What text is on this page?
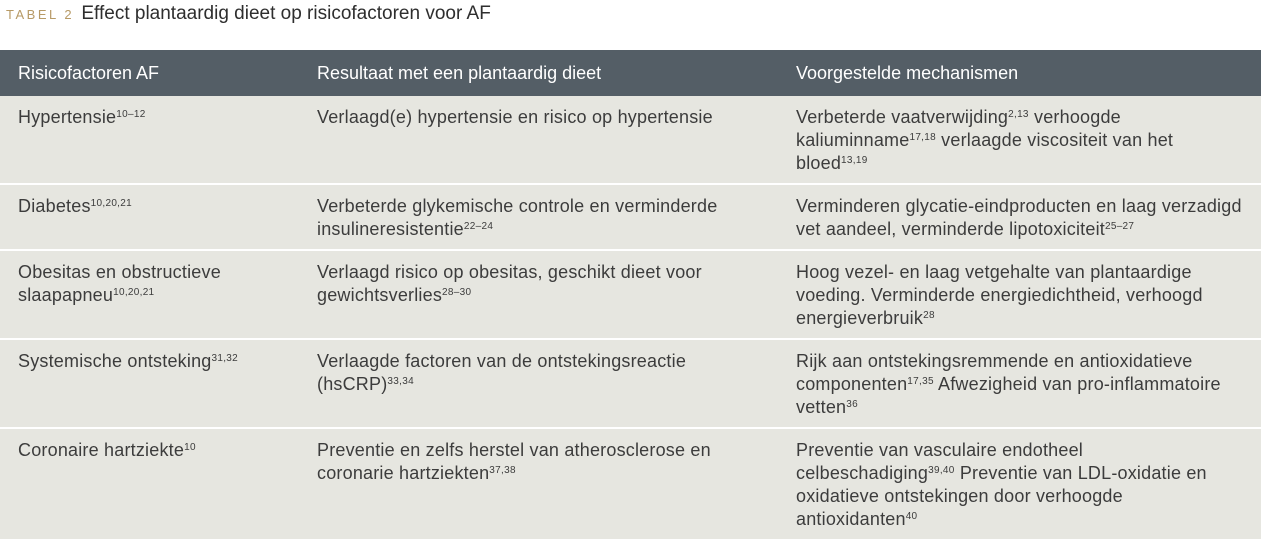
TABEL 2 Effect plantaardig dieet op risicofactoren voor AF
Risicofactoren AF	Resultaat met een plantaardig dieet	Voorgestelde mechanismen
Hypertensie$^{10-12}$	Verlaagd(e) hypertensie en risico op hypertensie	Verbeterde vaatverwijding$^{2,13}$ verhoogde kaliuminname$^{17,18}$ verlaagde viscositeit van het bloed$^{13,19}$
Diabetes$^{10,20,21}$	Verbeterde glykemische controle en verminderde insulineresistentie$^{22-24}$	Verminderen glycatie-eindproducten en laag verzadigd vet aandeel, verminderde lipotoxiciteit$^{25-27}$
Obesitas en obstructieve slaapapneu$^{10,20,21}$	Verlaagd risico op obesitas, geschikt dieet voor gewichtsverlies$^{28-30}$	Hoog vezel- en laag vetgehalte van plantaardige voeding. Verminderde energiedichtheid, verhoogd energieverbruik$^{28}$
Systemische ontsteking$^{31,32}$	Verlaagde factoren van de ontstekingsreactie (hsCRP)$^{33,34}$	Rijk aan ontstekingsremmende en antioxidatieve componenten$^{17,35}$ Afwezigheid van pro-inflammatoire vetten$^{36}$
Coronaire hartziekte$^{10}$	Preventie en zelfs herstel van atherosclerose en coronarie hartziekten$^{37,38}$	Preventie van vasculaire endotheel celbeschadiging$^{39,40}$ Preventie van LDL-oxidatie en oxidatieve ontstekingen door verhoogde antioxidanten$^{40}$
